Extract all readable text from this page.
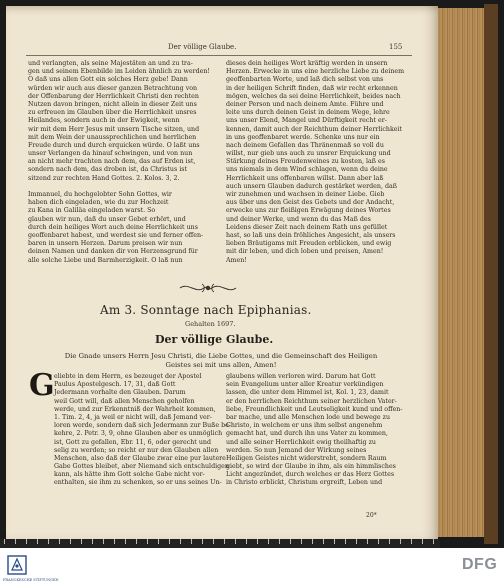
Der völlige Glaube.	155
und verlangten, als seine Majestäten an und zu tra-
gen und seinem Ebenbilde im Leiden ähnlich zu werden!
O daß uns allen Gott ein solches Herz gebe! Dann
würden wir auch aus dieser ganzen Betrachtung von
der Offenbarung der Herrlichkeit Christi den rechten
Nutzen davon bringen, nicht allein in dieser Zeit uns
zu erfreuen im Glauben über die Herrlichkeit unsres
Heilandes, sondern auch in der Ewigkeit, wenn
wir mit dem Herr Jesus mit unsern Tische sitzen, und
mit dem Wein der unaussprechlichen und herrlichen
Freude durch und durch erquicken würde. O laßt uns
unser Verlangen da hinauf schwingen, und von nun
an nicht mehr trachten nach dem, das auf Erden ist,
sondern nach dem, das droben ist, da Christus ist
sitzend zur rechten Hand Gottes. 2. Kolos. 3, 2.
Immanuel, du hochgelobter Sohn Gottes, wir
haben dich eingeladen, wie du zur Hochzeit
zu Kana in Galiläa eingeladen warst. So
glauben wir nun, daß du unser Gebet erhört, und
durch dein heiliges Wort auch deine Herrlichkeit uns
geoffenbaret habest, und werdest sie und ferner offen-
baren in unsern Herzen. Darum preisen wir nun
deinen Namen und danken dir von Herzensgrund für
alle solche Liebe und Barmherzigkeit. O laß nun
dieses dein heiliges Wort kräftig werden in unsern
Herzen. Erwecke in uns eine herzliche Liebe zu deinem
geoffenbarten Worte, und laß dich selbst von uns
in der heiligen Schrift finden, daß wir recht erkennen
mögen, welches da sei deine Herrlichkeit, beides nach
deiner Person und nach deinem Amte. Führe und
leite uns durch deinen Geist in deinem Wege, lehre
uns unser Elend, Mangel und Dürftigkeit recht er-
kennen, damit auch der Reichthum deiner Herrlichkeit
in uns geoffenbaret werde. Schenke uns nur ein
nach deinem Gefallen das Thränenmaß so voll du
willst, nur gieb uns auch zu unsrer Erquickung und
Stärkung deines Freudenweines zu kosten, laß es
uns niemals in dem Wind schlagen, wenn du deine
Herrlichkeit uns offenbaren willst. Dann aber laß
auch unsern Glauben dadurch gestärket werden, daß
wir zunehmen und wachsen in deiner Liebe. Gieb
aus über uns den Geist des Gebets und der Andacht,
erwecke uns zur fleißigen Erwägung deines Wortes
und deiner Werke, und wenn du das Maß des
Leidens dieser Zeit nach deinem Rath uns gefüllet
hast, so laß uns dein fröhliches Angesicht, als unsers
lieben Bräutigams mit Freuden erblicken, und ewig
mit dir leben, und dich loben und preisen, Amen!
Amen!
Am 3. Sonntage nach Epiphanias.
Gehalten 1697.
Der völlige Glaube.
Die Gnade unsers Herrn Jesu Christi, die Liebe Gottes, und die Gemeinschaft des Heiligen
Geistes sei mit uns allen, Amen!
G eliebte in dem Herrn, es bezeuget der Apostel
Paulus Apostelgesch. 17, 31, daß Gott
Jedermann vorhalte den Glauben. Darum
weil Gott will, daß allen Menschen geholfen
werde, und zur Erkenntniß der Wahrheit kommen,
1. Tim. 2, 4, ja weil er nicht will, daß Jemand ver-
loren werde, sondern daß sich Jedermann zur Buße be-
kehre, 2. Petr. 3, 9, ohne Glauben aber es unmöglich
ist, Gott zu gefallen, Ebr. 11, 6, oder gerecht und
selig zu werden; so reicht er nur den Glauben allen
Menschen, also daß der Glaube zwar eine pur lautere
Gabe Gottes bleibet, aber Niemand sich entschuldigen
kann, als hätte ihm Gott solche Gabe nicht vor-
enthalten, sie ihm zu schenken, so er uns seines Un-
glaubens willen verloren wird. Darum hat Gott
sein Evangelium unter aller Kreatur verkündigen
lassen, die unter dem Himmel ist, Kol. 1, 23, damit
er den herrlichen Reichthum seiner herzlichen Vater-
liebe, Freundlichkeit und Leutseligkeit kund und offen-
bar mache, und alle Menschen lode und bewege zu
Christo, in welchem er uns ihm selbst angenehm
gemacht hat, und durch ihn uns Vater zu kommen,
und alle seiner Herrlichkeit ewig theilhaftig zu
werden. So nun Jemand der Wirkung seines
Heiligen Geistes nicht widerstrebt, sondern Raum
giebt, so wird der Glaube in ihm, als ein himmlisches
Licht angezündet, durch welches er das Herz Gottes
in Christo erblickt, Christum ergreift, Leben und
20*
FRANCKESCHE STIFTUNGEN
DFG
